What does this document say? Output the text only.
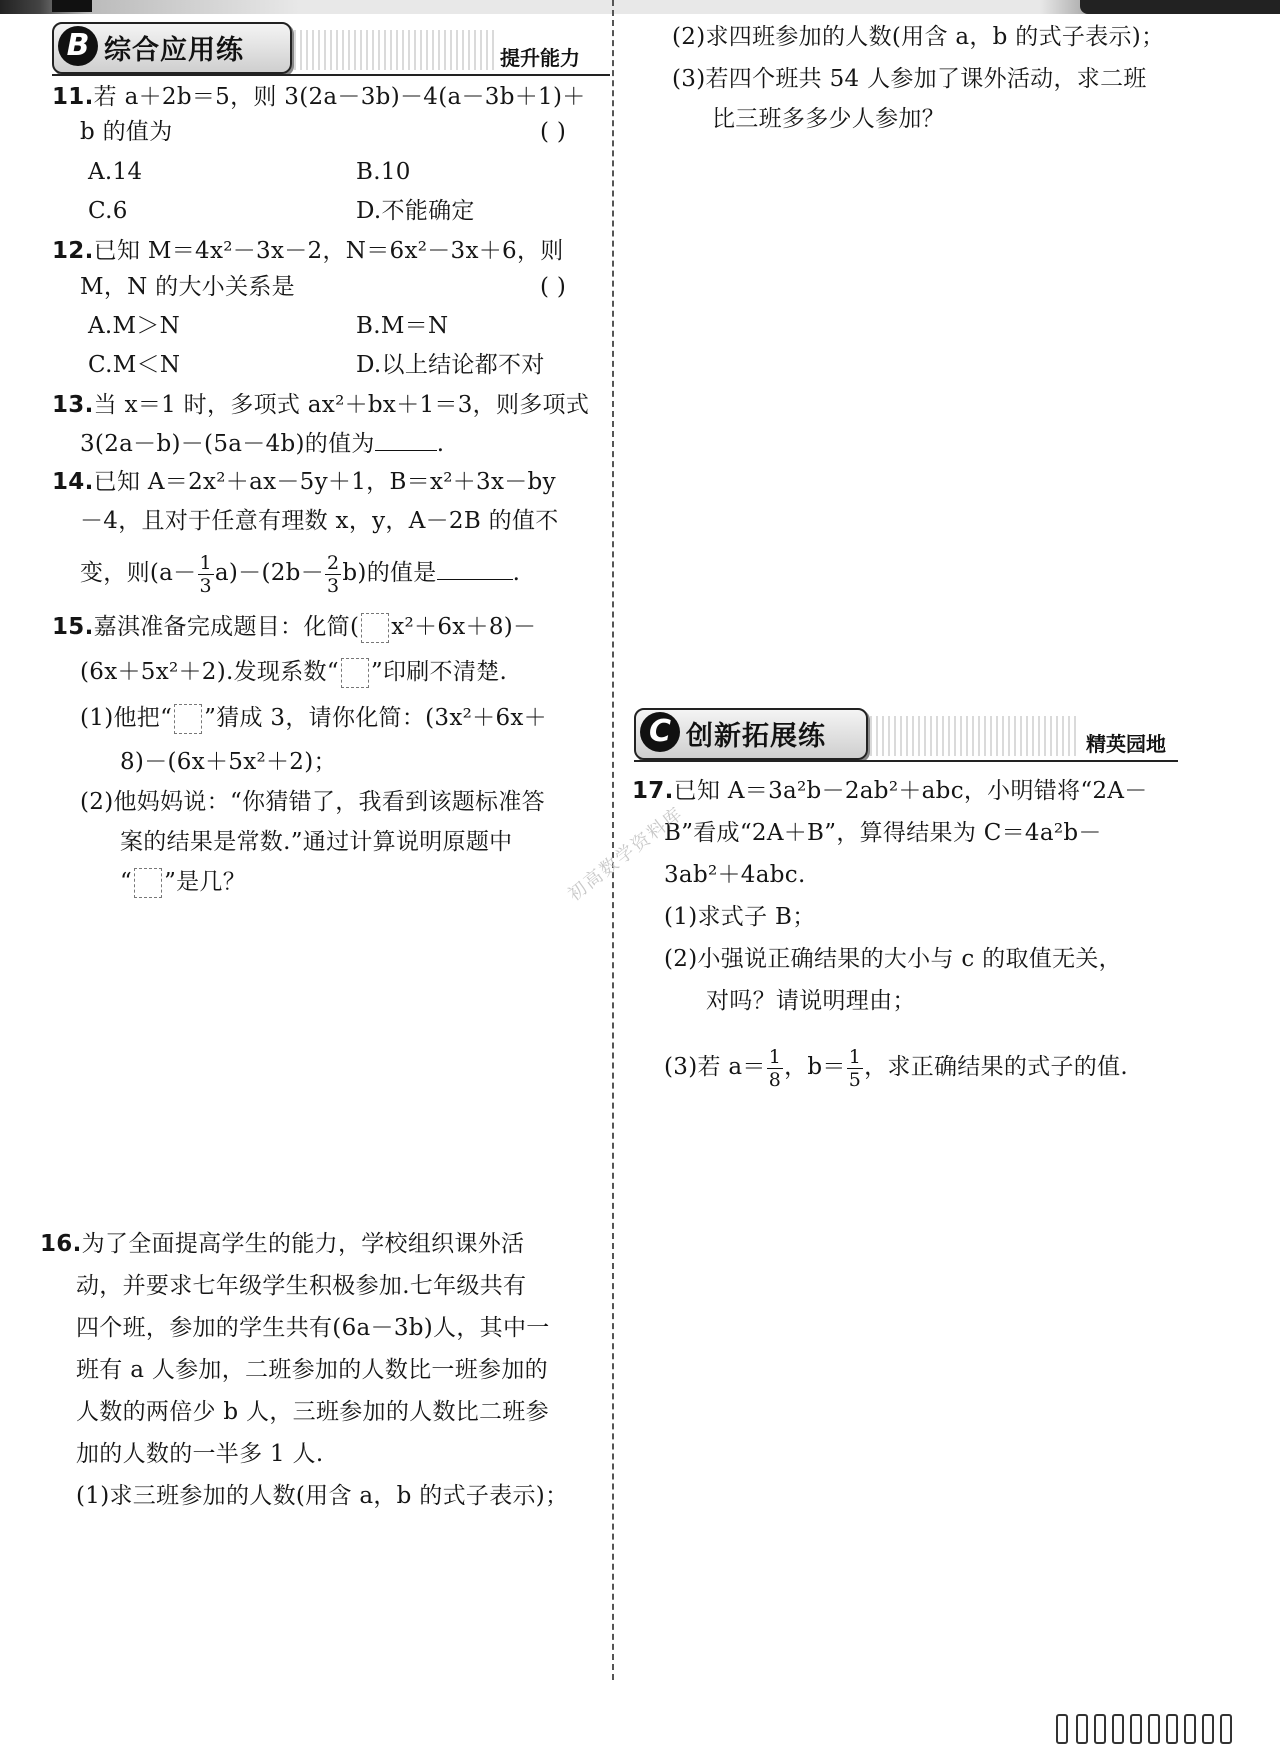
B 综合应用练	提升能力
11.若 a＋2b＝5，则 3(2a－3b)－4(a－3b＋1)＋
b 的值为	( )
A.14	B.10
C.6	D.不能确定
12.已知 M＝4x²－3x－2，N＝6x²－3x＋6，则
M，N 的大小关系是	( )
A.M＞N	B.M＝N
C.M＜N	D.以上结论都不对
13.当 x＝1 时，多项式 ax²＋bx＋1＝3，则多项式
3(2a－b)－(5a－4b)的值为	.
14.已知 A＝2x²＋ax－5y＋1，B＝x²＋3x－by
－4，且对于任意有理数 x，y，A－2B 的值不
变，则$(a- \frac{1}{3} a)-(2b- \frac{2}{3} b)$的值是	.
15.嘉淇准备完成题目：化简( x²＋6x＋8)－
(6x＋5x²＋2).发现系数“ ”印刷不清楚.
(1)他把“ ”猜成 3，请你化简：(3x²＋6x＋
8)－(6x＋5x²＋2)；
(2)他妈妈说：“你猜错了，我看到该题标准答
案的结果是常数.”通过计算说明原题中
“ ”是几？
16.为了全面提高学生的能力，学校组织课外活
动，并要求七年级学生积极参加.七年级共有
四个班，参加的学生共有(6a－3b)人，其中一
班有 a 人参加，二班参加的人数比一班参加的
人数的两倍少 b 人，三班参加的人数比二班参
加的人数的一半多 1 人.
(1)求三班参加的人数(用含 a，b 的式子表示)；
(2)求四班参加的人数(用含 a，b 的式子表示)；
(3)若四个班共 54 人参加了课外活动，求二班
比三班多多少人参加？
C 创新拓展练	精英园地
17.已知 A＝3a²b－2ab²＋abc，小明错将“2A－
B”看成“2A＋B”，算得结果为 C＝4a²b－
3ab²＋4abc.
(1)求式子 B；
(2)小强说正确结果的大小与 c 的取值无关，
对吗？请说明理由；
(3)若 $a= \frac{1}{8}$ ，$b= \frac{1}{5}$ ，求正确结果的式子的值.
初高数学资料库
